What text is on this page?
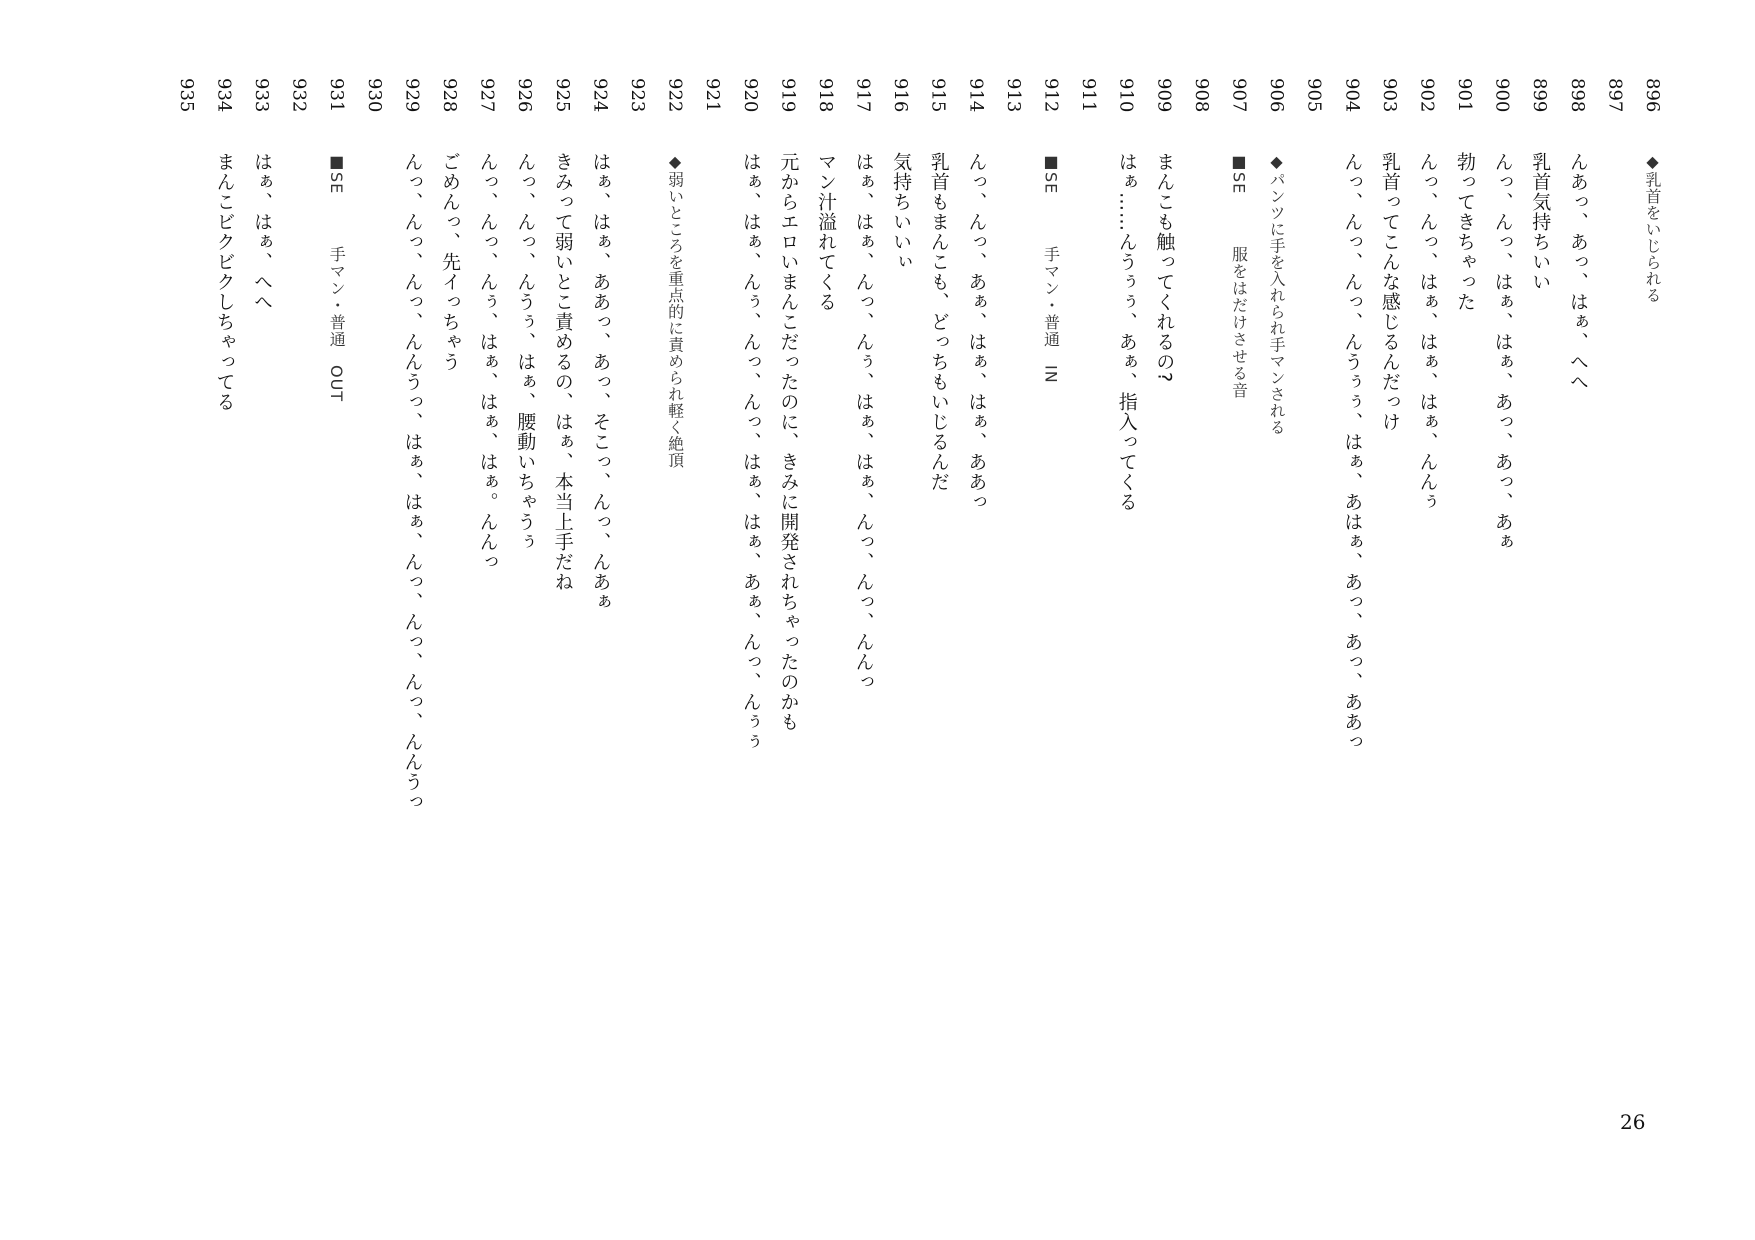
896
◆乳首をいじられる
897
898
んあっ、あっ、はぁ、へへ
899
乳首気持ちいい
900
んっ、んっ、はぁ、はぁ、あっ、あっ、あぁ
901
勃ってきちゃった
902
んっ、んっ、はぁ、はぁ、はぁ、んんぅ
903
乳首ってこんな感じるんだっけ
904
んっ、んっ、んっ、んうぅぅ、はぁ、あはぁ、あっ、あっ、ああっ
905
906
◆パンツに手を入れられ手マンされる
907
■SE服をはだけさせる音
908
909
まんこも触ってくれるの?
910
はぁ……んうぅぅ、あぁ、指入ってくる
911
912
■SE手マン・普通　IN
913
914
んっ、んっ、あぁ、はぁ、はぁ、ああっ
915
乳首もまんこも、どっちもいじるんだ
916
気持ちいいぃ
917
はぁ、はぁ、んっ、んぅ、はぁ、はぁ、んっ、んっ、んんっ
918
マン汁溢れてくる
919
元からエロいまんこだったのに、きみに開発されちゃったのかも
920
はぁ、はぁ、んぅ、んっ、んっ、はぁ、はぁ、あぁ、んっ、んぅぅ
921
922
◆弱いところを重点的に責められ軽く絶頂
923
924
はぁ、はぁ、ああっ、あっ、そこっ、んっ、んあぁ
925
きみって弱いとこ責めるの、はぁ、本当上手だね
926
んっ、んっ、んうぅ、はぁ、腰動いちゃうぅ
927
んっ、んっ、んぅ、はぁ、はぁ、はぁ。んんっ
928
ごめんっ、先イっちゃう
929
んっ、んっ、んっ、んんうっ、はぁ、はぁ、んっ、んっ、んっ、んんうっ
930
931
■SE手マン・普通　OUT
932
933
はぁ、はぁ、へへ
934
まんこビクビクしちゃってる
935
26
